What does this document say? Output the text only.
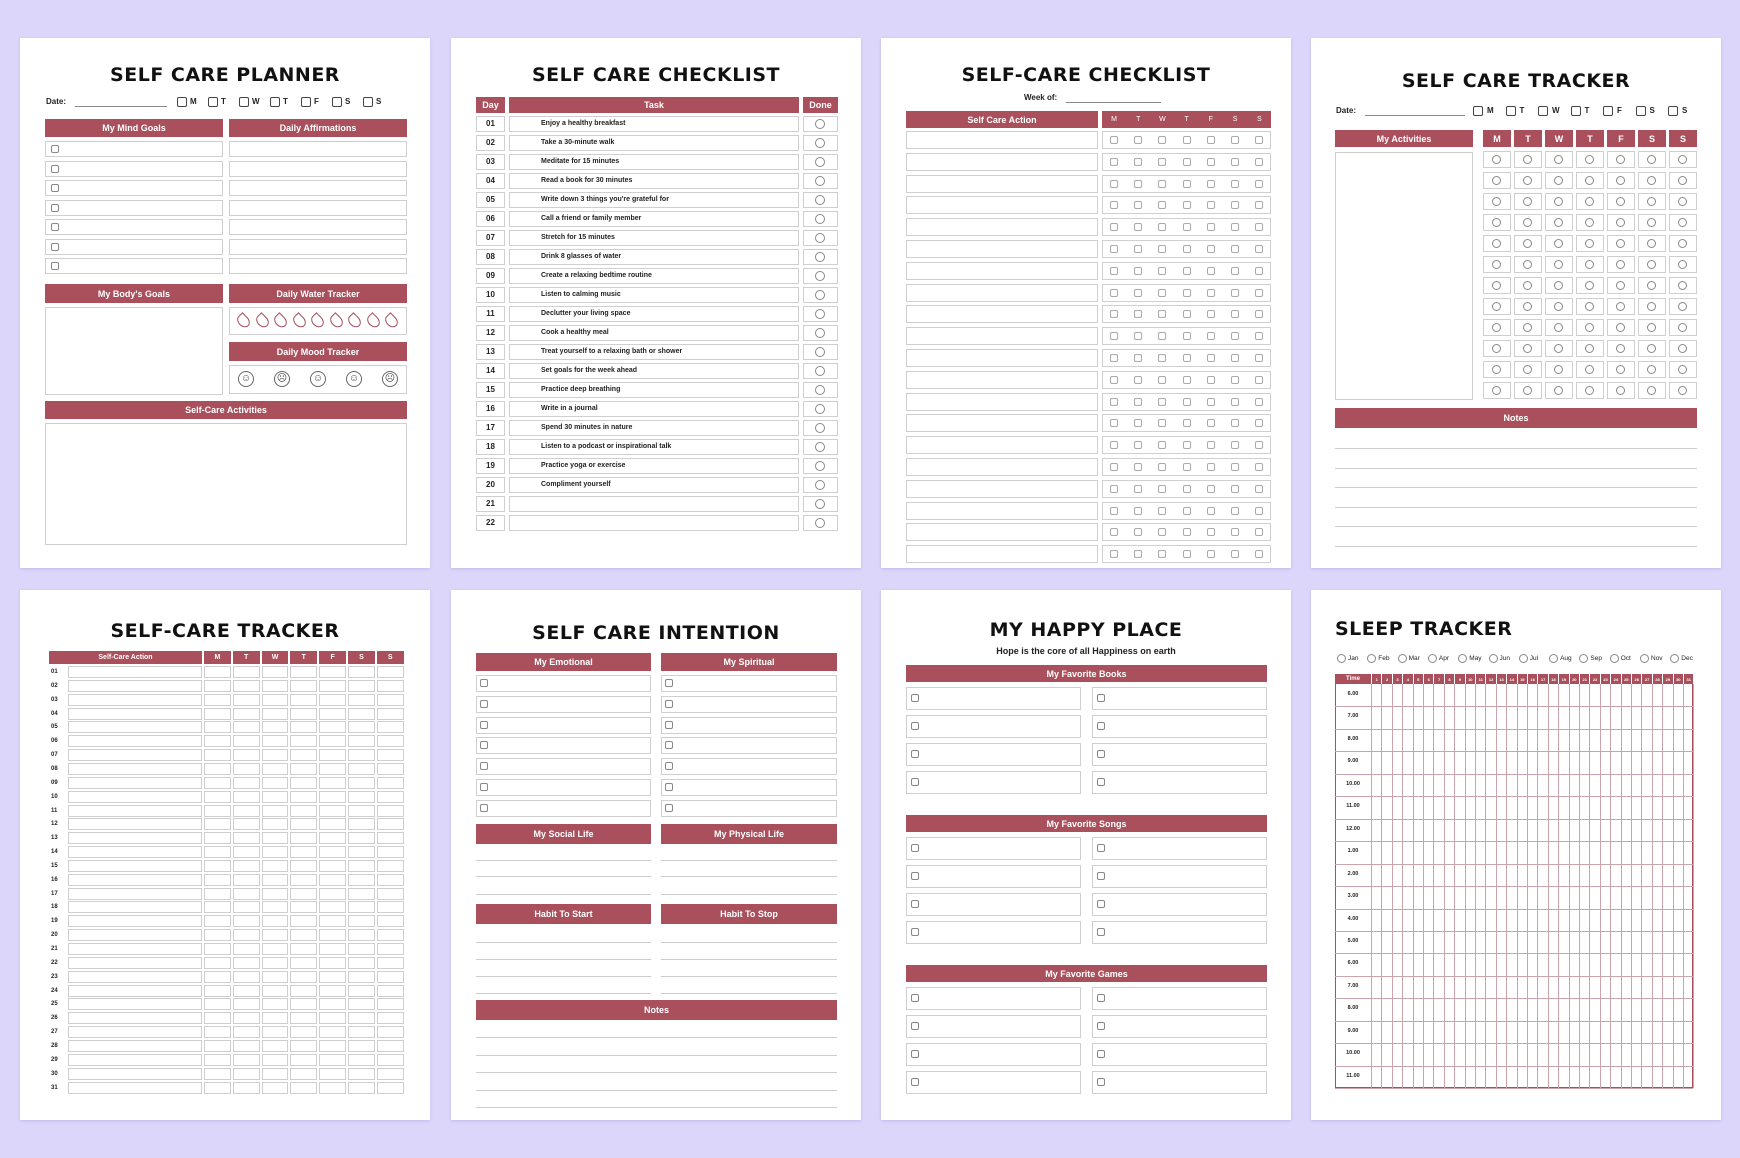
SELF CARE PLANNER
Date:	M	T	W	T	F	S	S
My Mind Goals	Daily Affirmations
My Body's Goals	Daily Water Tracker
Daily Mood Tracker
☺	☹	☺	☺	☹
Self-Care Activities
SELF CARE CHECKLIST
Day	Task	Done
01	Enjoy a healthy breakfast
02	Take a 30-minute walk
03	Meditate for 15 minutes
04	Read a book for 30 minutes
05	Write down 3 things you're grateful for
06	Call a friend or family member
07	Stretch for 15 minutes
08	Drink 8 glasses of water
09	Create a relaxing bedtime routine
10	Listen to calming music
11	Declutter your living space
12	Cook a healthy meal
13	Treat yourself to a relaxing bath or shower
14	Set goals for the week ahead
15	Practice deep breathing
16	Write in a journal
17	Spend 30 minutes in nature
18	Listen to a podcast or inspirational talk
19	Practice yoga or exercise
20	Compliment yourself
21
22
SELF-CARE CHECKLIST
Week of:
Self Care Action	M	T	W	T	F	S	S
SELF CARE TRACKER
Date:	M	T	W	T	F	S	S
My Activities	M	T	W	T	F	S	S
Notes
SELF-CARE TRACKER
Self-Care Action	M	T	W	T	F	S	S
01
02
03
04
05
06
07
08
09
10
11
12
13
14
15
16
17
18
19
20
21
22
23
24
25
26
27
28
29
30
31
SELF CARE INTENTION
My Emotional	My Spiritual
My Social Life	My Physical Life
Habit To Start	Habit To Stop
Notes
MY HAPPY PLACE
Hope is the core of all Happiness on earth
My Favorite Books
My Favorite Songs
My Favorite Games
SLEEP TRACKER
Jan	Feb	Mar	Apr	May	Jun	Jul	Aug	Sep	Oct	Nov	Dec
Time	1	2	3	4	5	6	7	8	9	10	11	12	13	14	15	16	17	18	19	20	21	22	23	24	25	26	27	28	29	30	31
6.00
7.00
8.00
9.00
10.00
11.00
12.00
1.00
2.00
3.00
4.00
5.00
6.00
7.00
8.00
9.00
10.00
11.00
